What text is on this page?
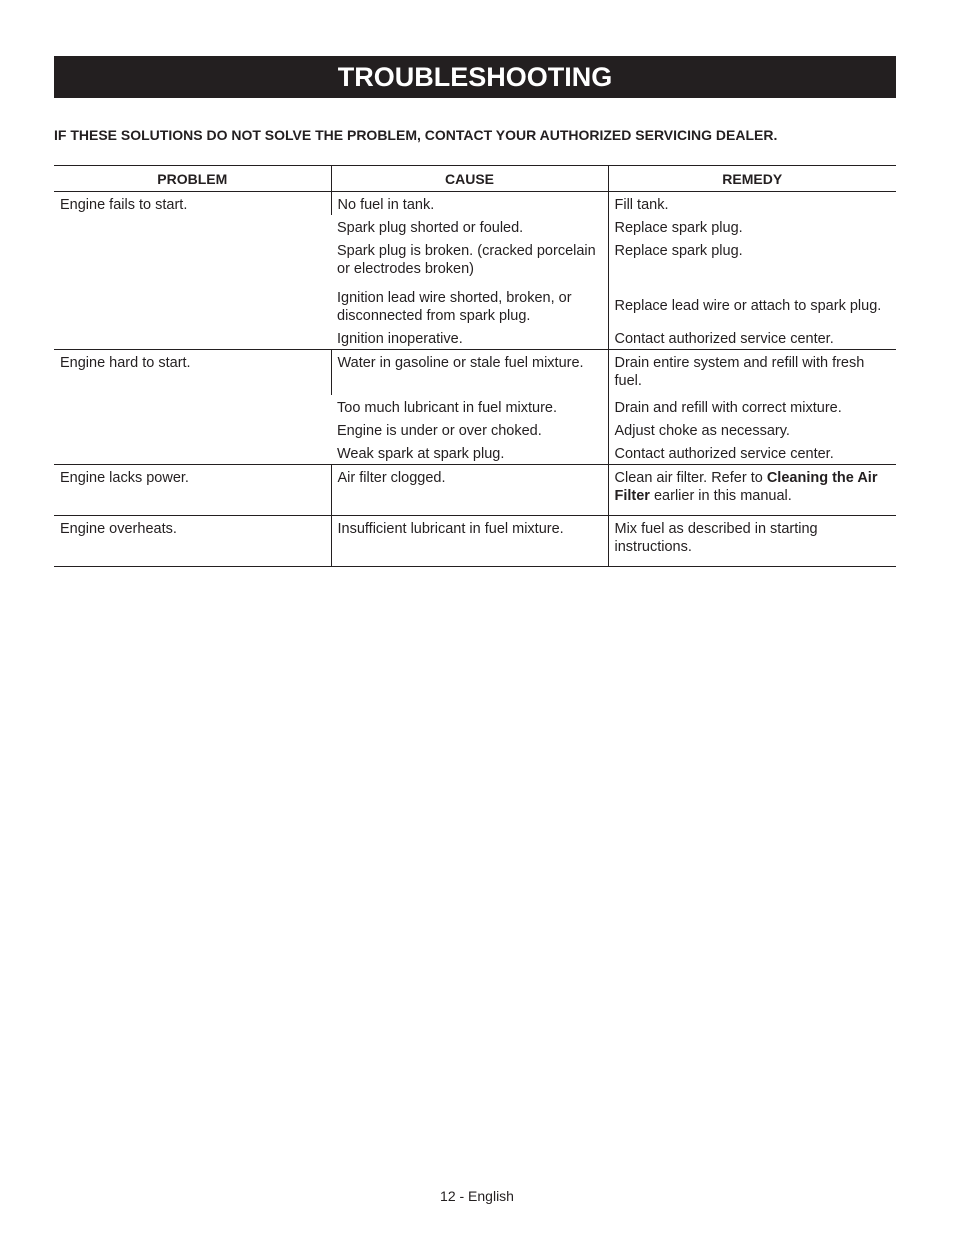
TROUBLESHOOTING
IF THESE SOLUTIONS DO NOT SOLVE THE PROBLEM, CONTACT YOUR AUTHORIZED SERVICING DEALER.
PROBLEM	CAUSE	REMEDY
Engine fails to start.	No fuel in tank.	Fill tank.
	Spark plug shorted or fouled.	Replace spark plug.
	Spark plug is broken. (cracked porcelain or electrodes broken)	Replace spark plug.
	Ignition lead wire shorted, broken, or disconnected from spark plug.	Replace lead wire or attach to spark plug.
	Ignition inoperative.	Contact authorized service center.
Engine hard to start.	Water in gasoline or stale fuel mixture.	Drain entire system and refill with fresh fuel.
	Too much lubricant in fuel mixture.	Drain and refill with correct mixture.
	Engine is under or over choked.	Adjust choke as necessary.
	Weak spark at spark plug.	Contact authorized service center.
Engine lacks power.	Air filter clogged.	Clean air filter. Refer to Cleaning the Air Filter earlier in this manual.
Engine overheats.	Insufficient lubricant in fuel mixture.	Mix fuel as described in starting instructions.
12 - English
